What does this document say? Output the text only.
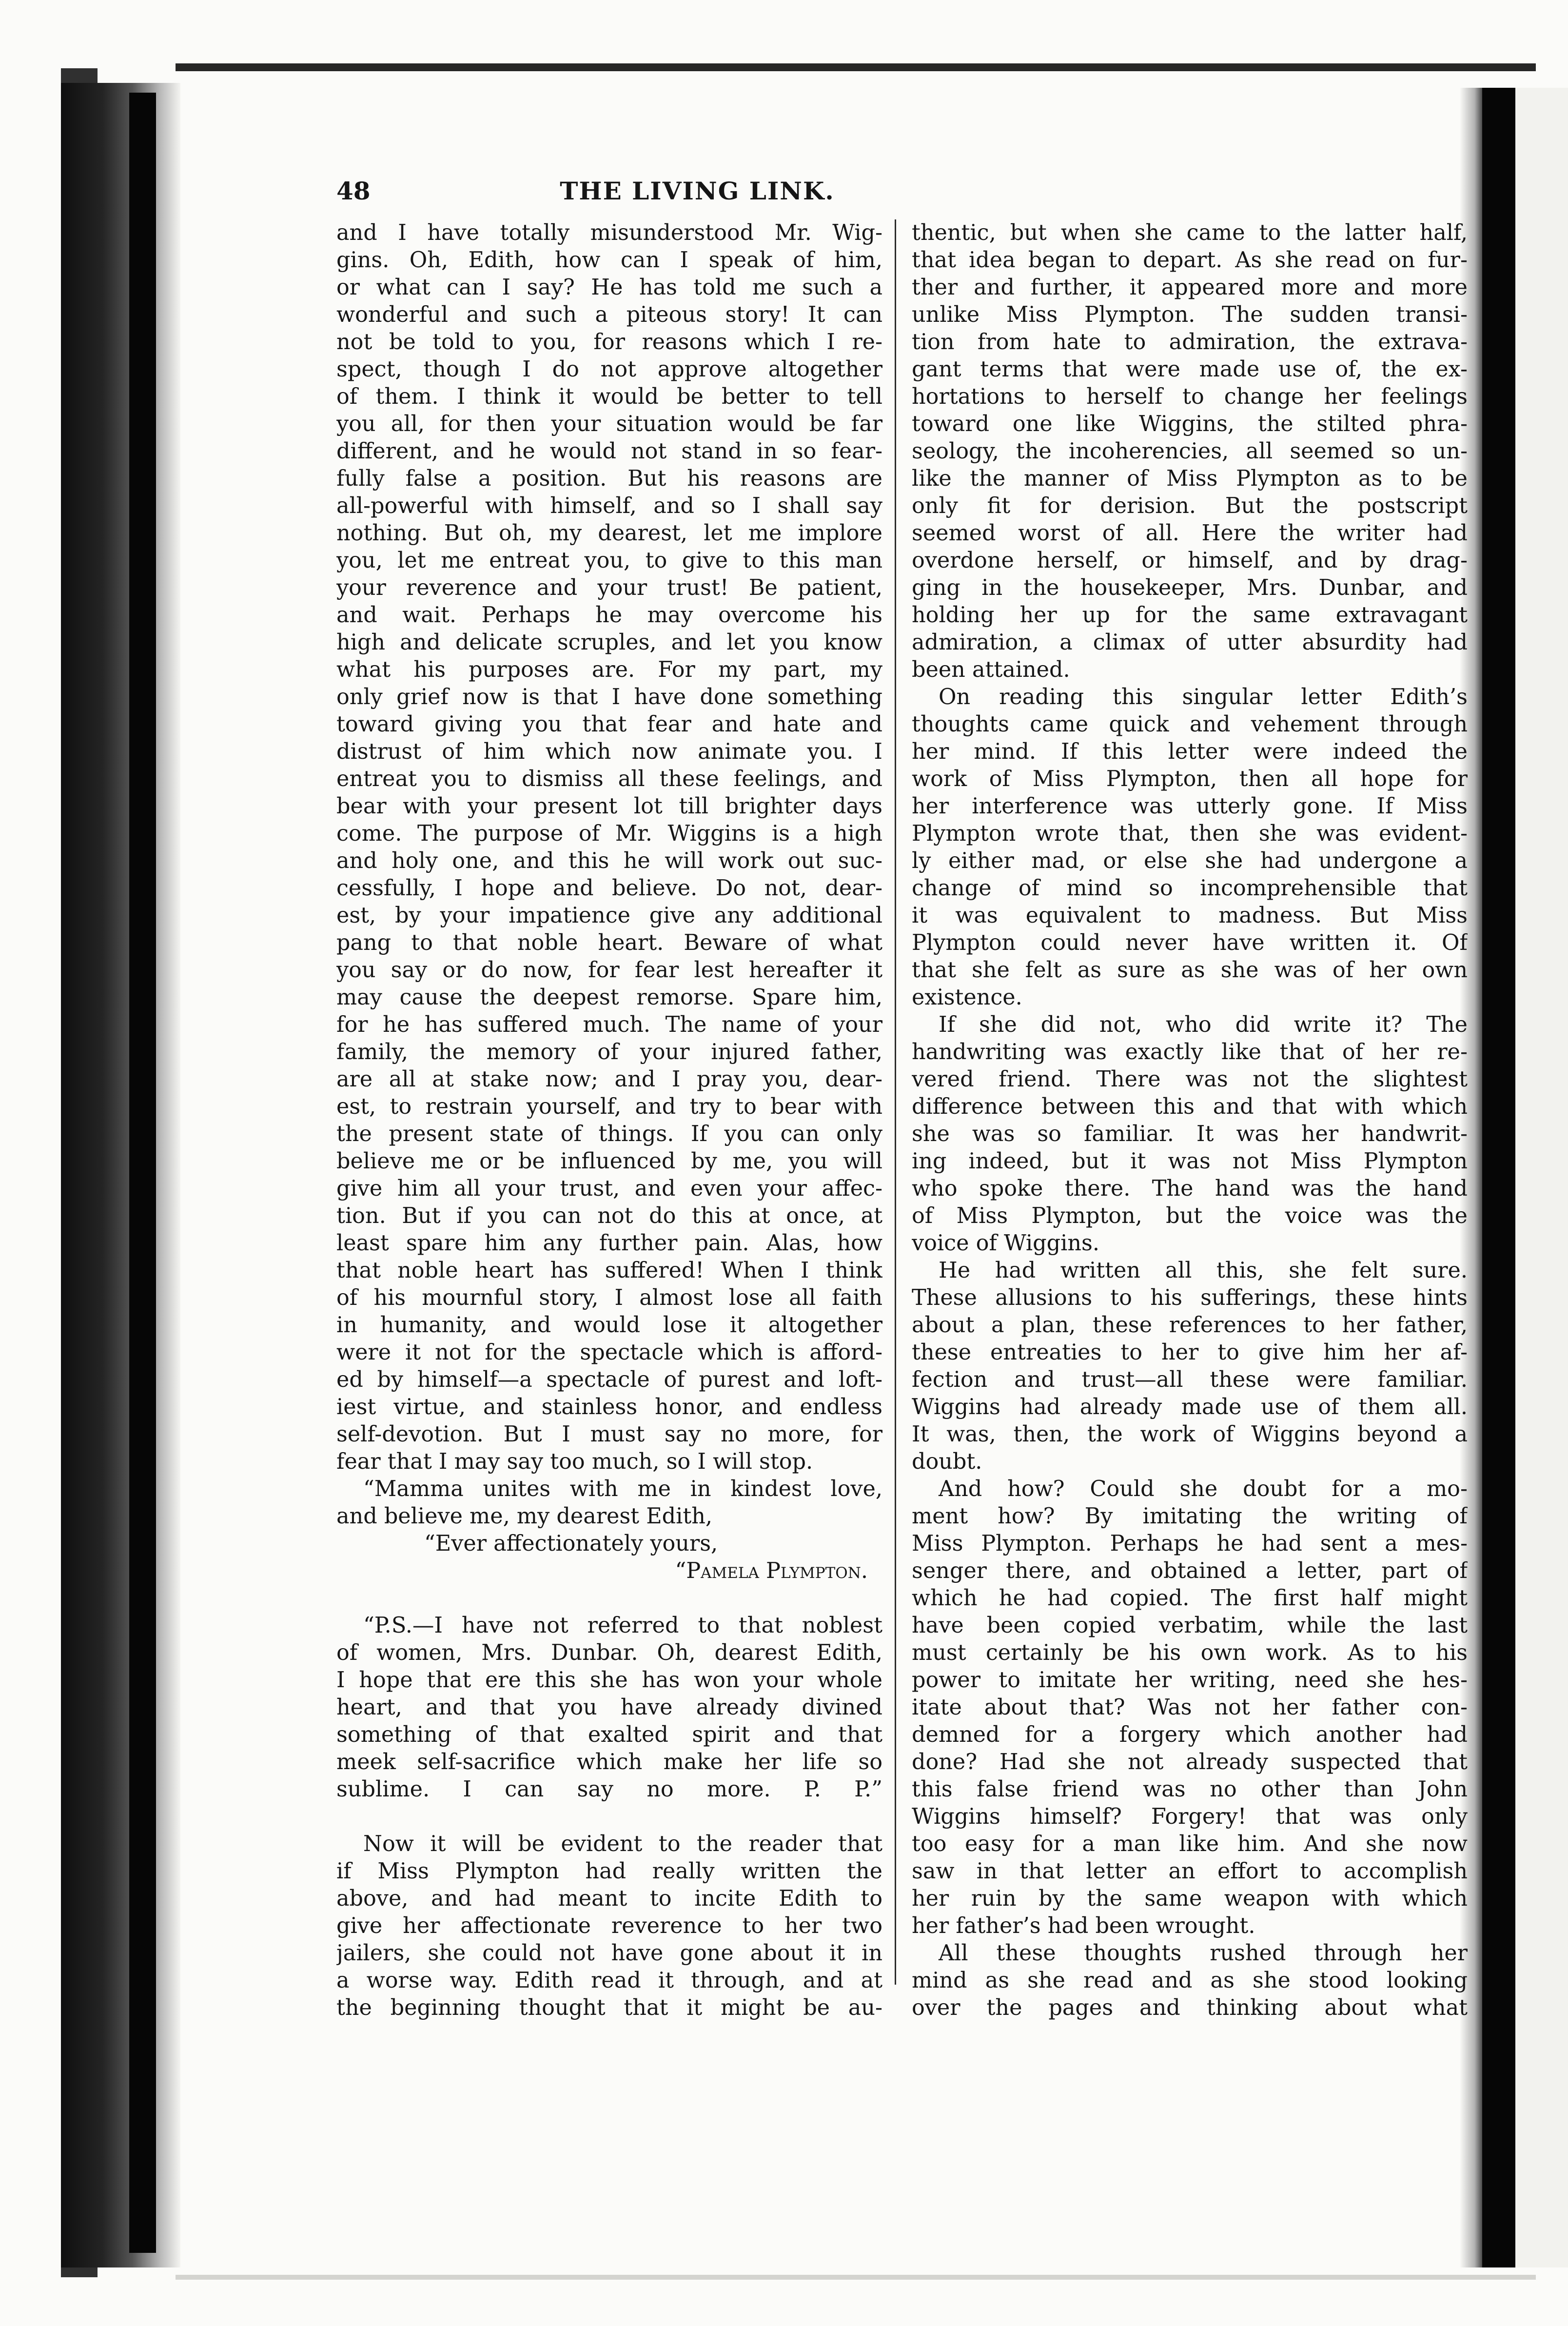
48	THE LIVING LINK.

and I have totally misunderstood Mr. Wig-

gins. Oh, Edith, how can I speak of him,

or what can I say? He has told me such a

wonderful and such a piteous story! It can

not be told to you, for reasons which I re-

spect, though I do not approve altogether

of them. I think it would be better to tell

you all, for then your situation would be far

different, and he would not stand in so fear-

fully false a position. But his reasons are

all-powerful with himself, and so I shall say

nothing. But oh, my dearest, let me implore

you, let me entreat you, to give to this man

your reverence and your trust! Be patient,

and wait. Perhaps he may overcome his

high and delicate scruples, and let you know

what his purposes are. For my part, my

only grief now is that I have done something

toward giving you that fear and hate and

distrust of him which now animate you. I

entreat you to dismiss all these feelings, and

bear with your present lot till brighter days

come. The purpose of Mr. Wiggins is a high

and holy one, and this he will work out suc-

cessfully, I hope and believe. Do not, dear-

est, by your impatience give any additional

pang to that noble heart. Beware of what

you say or do now, for fear lest hereafter it

may cause the deepest remorse. Spare him,

for he has suffered much. The name of your

family, the memory of your injured father,

are all at stake now; and I pray you, dear-

est, to restrain yourself, and try to bear with

the present state of things. If you can only

believe me or be influenced by me, you will

give him all your trust, and even your affec-

tion. But if you can not do this at once, at

least spare him any further pain. Alas, how

that noble heart has suffered! When I think

of his mournful story, I almost lose all faith

in humanity, and would lose it altogether

were it not for the spectacle which is afford-

ed by himself—a spectacle of purest and loft-

iest virtue, and stainless honor, and endless

self-devotion. But I must say no more, for

fear that I may say too much, so I will stop.

“Mamma unites with me in kindest love,

and believe me, my dearest Edith,

“Ever affectionately yours,

“Pamela Plympton.

“P.S.—I have not referred to that noblest

of women, Mrs. Dunbar. Oh, dearest Edith,

I hope that ere this she has won your whole

heart, and that you have already divined

something of that exalted spirit and that

meek self-sacrifice which make her life so

sublime. I can say no more. P. P.”

Now it will be evident to the reader that

if Miss Plympton had really written the

above, and had meant to incite Edith to

give her affectionate reverence to her two

jailers, she could not have gone about it in

a worse way. Edith read it through, and at

the beginning thought that it might be au-

thentic, but when she came to the latter half,

that idea began to depart. As she read on fur-

ther and further, it appeared more and more

unlike Miss Plympton. The sudden transi-

tion from hate to admiration, the extrava-

gant terms that were made use of, the ex-

hortations to herself to change her feelings

toward one like Wiggins, the stilted phra-

seology, the incoherencies, all seemed so un-

like the manner of Miss Plympton as to be

only fit for derision. But the postscript

seemed worst of all. Here the writer had

overdone herself, or himself, and by drag-

ging in the housekeeper, Mrs. Dunbar, and

holding her up for the same extravagant

admiration, a climax of utter absurdity had

been attained.

On reading this singular letter Edith’s

thoughts came quick and vehement through

her mind. If this letter were indeed the

work of Miss Plympton, then all hope for

her interference was utterly gone. If Miss

Plympton wrote that, then she was evident-

ly either mad, or else she had undergone a

change of mind so incomprehensible that

it was equivalent to madness. But Miss

Plympton could never have written it. Of

that she felt as sure as she was of her own

existence.

If she did not, who did write it? The

handwriting was exactly like that of her re-

vered friend. There was not the slightest

difference between this and that with which

she was so familiar. It was her handwrit-

ing indeed, but it was not Miss Plympton

who spoke there. The hand was the hand

of Miss Plympton, but the voice was the

voice of Wiggins.

He had written all this, she felt sure.

These allusions to his sufferings, these hints

about a plan, these references to her father,

these entreaties to her to give him her af-

fection and trust—all these were familiar.

Wiggins had already made use of them all.

It was, then, the work of Wiggins beyond a

doubt.

And how? Could she doubt for a mo-

ment how? By imitating the writing of

Miss Plympton. Perhaps he had sent a mes-

senger there, and obtained a letter, part of

which he had copied. The first half might

have been copied verbatim, while the last

must certainly be his own work. As to his

power to imitate her writing, need she hes-

itate about that? Was not her father con-

demned for a forgery which another had

done? Had she not already suspected that

this false friend was no other than John

Wiggins himself? Forgery! that was only

too easy for a man like him. And she now

saw in that letter an effort to accomplish

her ruin by the same weapon with which

her father’s had been wrought.

All these thoughts rushed through her

mind as she read and as she stood looking

over the pages and thinking about what
